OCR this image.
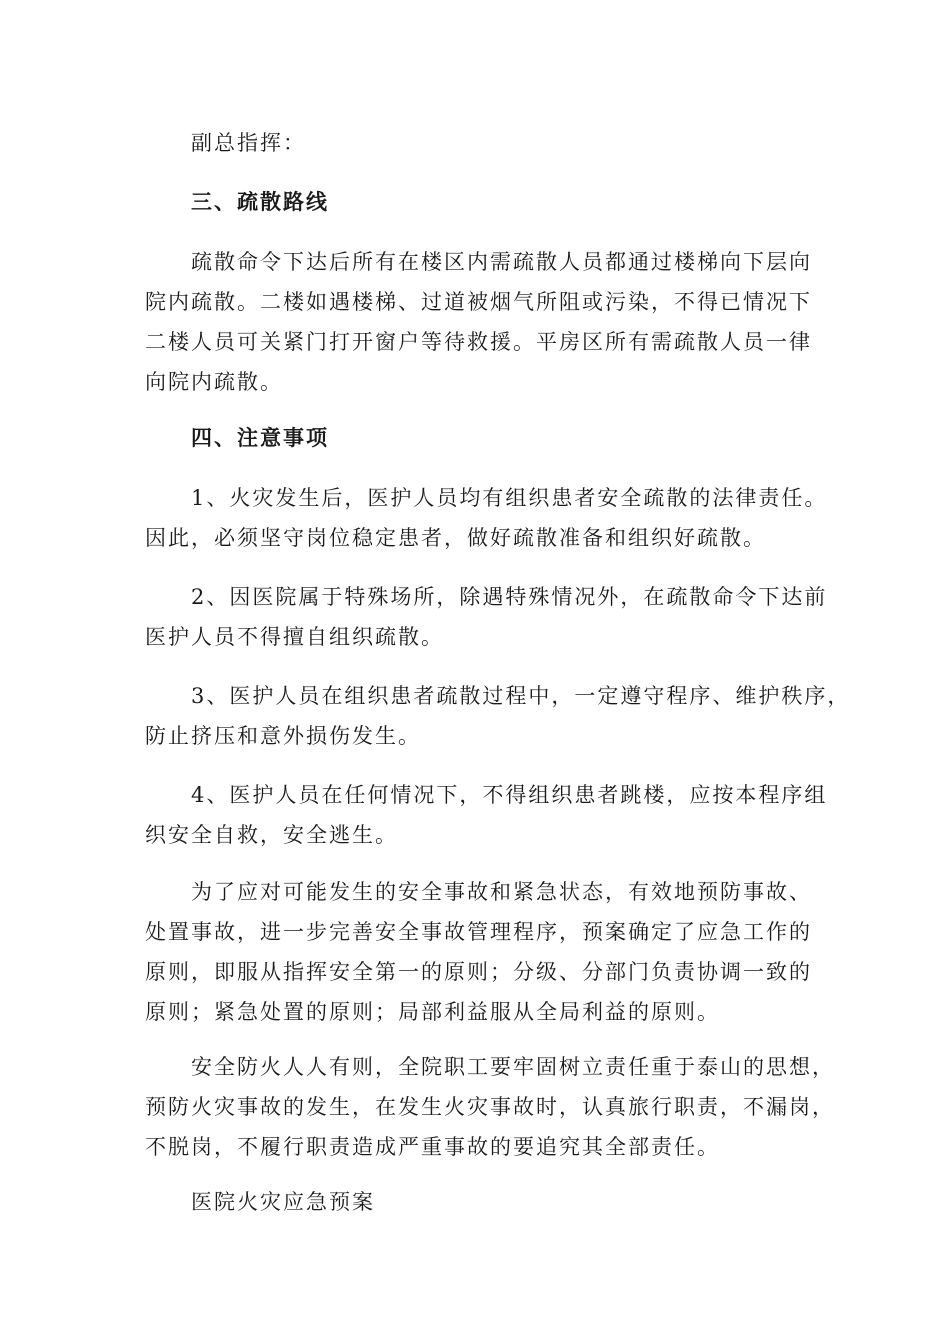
副总指挥：

三、疏散路线

疏散命令下达后所有在楼区内需疏散人员都通过楼梯向下层向
院内疏散。二楼如遇楼梯、过道被烟气所阻或污染，不得已情况下
二楼人员可关紧门打开窗户等待救援。平房区所有需疏散人员一律
向院内疏散。

四、注意事项

1、火灾发生后，医护人员均有组织患者安全疏散的法律责任。
因此，必须坚守岗位稳定患者，做好疏散准备和组织好疏散。

2、因医院属于特殊场所，除遇特殊情况外，在疏散命令下达前
医护人员不得擅自组织疏散。

3、医护人员在组织患者疏散过程中，一定遵守程序、维护秩序，
防止挤压和意外损伤发生。

4、医护人员在任何情况下，不得组织患者跳楼，应按本程序组
织安全自救，安全逃生。

为了应对可能发生的安全事故和紧急状态，有效地预防事故、
处置事故，进一步完善安全事故管理程序，预案确定了应急工作的
原则，即服从指挥安全第一的原则；分级、分部门负责协调一致的
原则；紧急处置的原则；局部利益服从全局利益的原则。

安全防火人人有则，全院职工要牢固树立责任重于泰山的思想，
预防火灾事故的发生，在发生火灾事故时，认真旅行职责，不漏岗，
不脱岗，不履行职责造成严重事故的要追究其全部责任。

医院火灾应急预案
